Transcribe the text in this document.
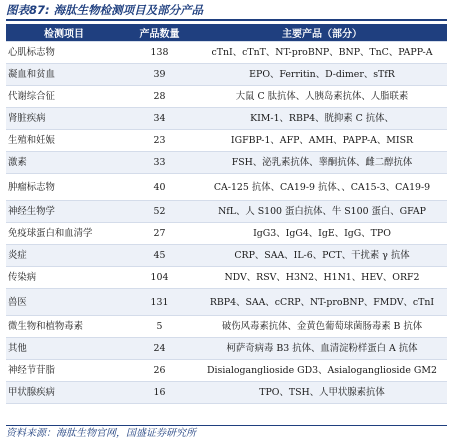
图表87: 海肽生物检测项目及部分产品
检测项目	产品数量	主要产品（部分）
心肌标志物	138	cTnI、cTnT、NT-proBNP、BNP、TnC、PAPP-A
凝血和贫血	39	EPO、Ferritin、D-dimer、sTfR
代谢综合征	28	大鼠 C 肽抗体、人胰岛素抗体、人脂联素
肾脏疾病	34	KIM-1、RBP4、胱抑素 C 抗体、
生殖和妊娠	23	IGFBP-1、AFP、AMH、PAPP-A、MISR
激素	33	FSH、泌乳素抗体、睾酮抗体、雌二醇抗体
肿瘤标志物	40	CA-125 抗体、CA19-9 抗体、、CA15-3、CA19-9
神经生物学	52	NfL、人 S100 蛋白抗体、牛 S100 蛋白、GFAP
免疫球蛋白和血清学	27	IgG3、IgG4、IgE、IgG、TPO
炎症	45	CRP、SAA、IL-6、PCT、干扰素 γ 抗体
传染病	104	NDV、RSV、H3N2、H1N1、HEV、ORF2
兽医	131	RBP4、SAA、cCRP、NT-proBNP、FMDV、cTnI
微生物和植物毒素	5	破伤风毒素抗体、金黄色葡萄球菌肠毒素 B 抗体
其他	24	柯萨奇病毒 B3 抗体、血清淀粉样蛋白 A 抗体
神经节苷脂	26	Disialoganglioside GD3、Asialoganglioside GM2
甲状腺疾病	16	TPO、TSH、人甲状腺素抗体
资料来源：海肽生物官网，国盛证券研究所
